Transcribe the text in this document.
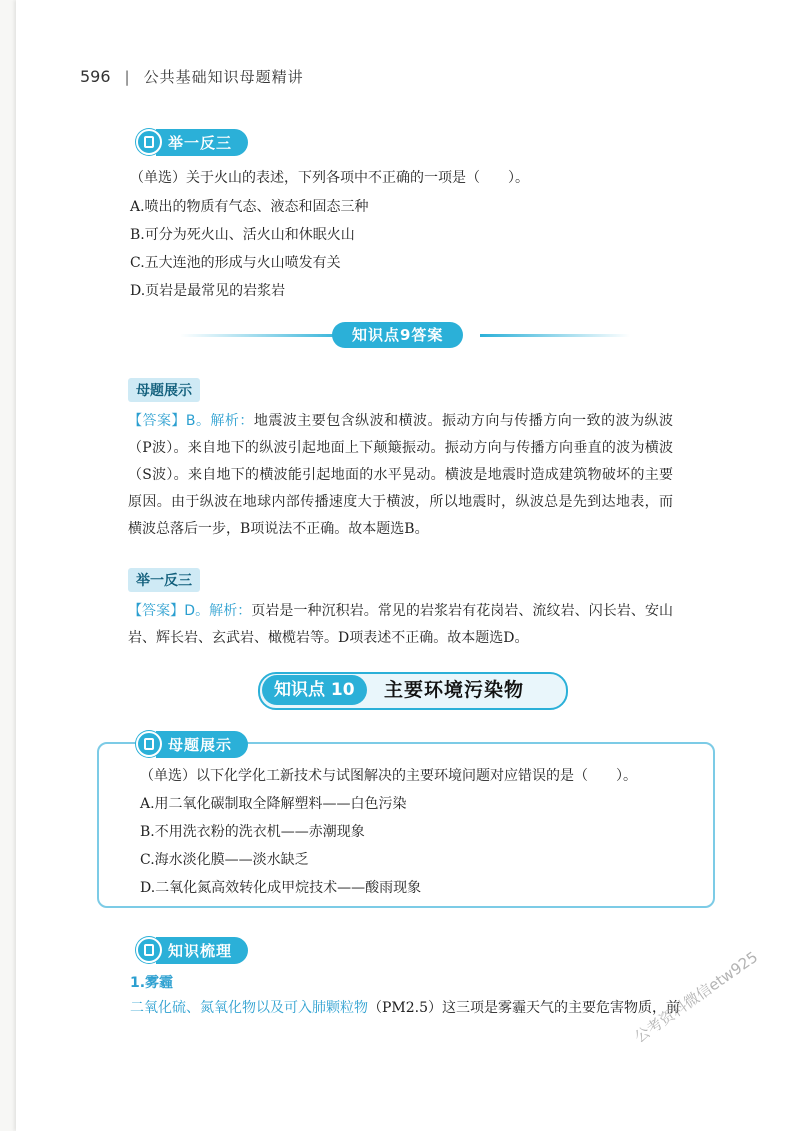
596 | 公共基础知识母题精讲
举一反三
（单选）关于火山的表述，下列各项中不正确的一项是（　　）。
A.喷出的物质有气态、液态和固态三种
B.可分为死火山、活火山和休眠火山
C.五大连池的形成与火山喷发有关
D.页岩是最常见的岩浆岩
知识点9答案
母题展示
【答案】B。解析：地震波主要包含纵波和横波。振动方向与传播方向一致的波为纵波（P波）。来自地下的纵波引起地面上下颠簸振动。振动方向与传播方向垂直的波为横波（S波）。来自地下的横波能引起地面的水平晃动。横波是地震时造成建筑物破坏的主要原因。由于纵波在地球内部传播速度大于横波，所以地震时，纵波总是先到达地表，而横波总落后一步，B项说法不正确。故本题选B。
举一反三
【答案】D。解析：页岩是一种沉积岩。常见的岩浆岩有花岗岩、流纹岩、闪长岩、安山岩、辉长岩、玄武岩、橄榄岩等。D项表述不正确。故本题选D。
知识点 10	主要环境污染物
母题展示
（单选）以下化学化工新技术与试图解决的主要环境问题对应错误的是（　　）。
A.用二氧化碳制取全降解塑料——白色污染
B.不用洗衣粉的洗衣机——赤潮现象
C.海水淡化膜——淡水缺乏
D.二氧化氮高效转化成甲烷技术——酸雨现象
知识梳理
1.雾霾
二氧化硫、氮氧化物以及可入肺颗粒物（PM2.5）这三项是雾霾天气的主要危害物质，前
公考资料微信etw925
